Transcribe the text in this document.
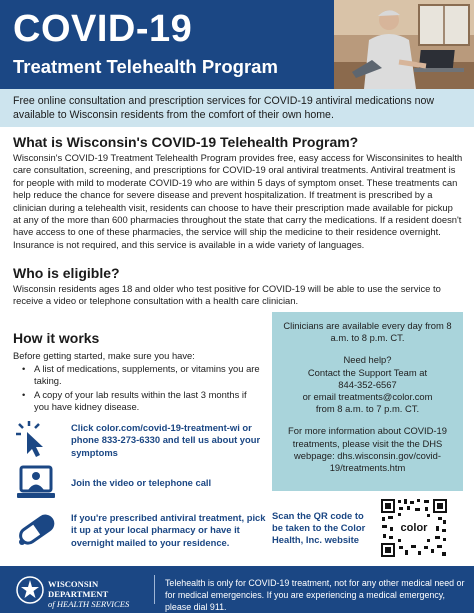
COVID-19
Treatment Telehealth Program
Free online consultation and prescription services for COVID-19 antiviral medications now available to Wisconsin residents from the comfort of their own home.
What is Wisconsin's COVID-19 Telehealth Program?
Wisconsin's COVID-19 Treatment Telehealth Program provides free, easy access for Wisconsinites to health care consultation, screening, and prescriptions for COVID-19 oral antiviral treatments. Antiviral treatment is for people with mild to moderate COVID-19 who are within 5 days of symptom onset. These treatments can help reduce the chance for severe disease and prevent hospitalization. If treatment is prescribed by a clinician during a telehealth visit, residents can choose to have their prescription made available for pickup at any of the more than 600 pharmacies throughout the state that carry the medications. If a resident doesn't have access to one of these pharmacies, the service will ship the medicine to their residence overnight. Insurance is not required, and this service is available in a wide variety of languages.
Who is eligible?
Wisconsin residents ages 18 and older who test positive for COVID-19 will be able to use the service to receive a video or telephone consultation with a health care clinician.
How it works
Before getting started, make sure you have:
• A list of medications, supplements, or vitamins you are taking.
• A copy of your lab results within the last 3 months if you have kidney disease.
Click color.com/covid-19-treatment-wi or phone 833-273-6330 and tell us about your symptoms
Join the video or telephone call
If you're prescribed antiviral treatment, pick it up at your local pharmacy or have it overnight mailed to your residence.

Clinicians are available every day from 8 a.m. to 8 p.m. CT.

Need help?
Contact the Support Team at
844-352-6567
or email treatments@color.com

from 8 a.m. to 7 p.m. CT.

For more information about COVID-19 treatments, please visit the the DHS webpage: dhs.wisconsin.gov/covid-19/treatments.htm

Scan the QR code to be taken to the Color Health, Inc. website
color
WISCONSIN DEPARTMENT
of HEALTH SERVICES
Telehealth is only for COVID-19 treatment, not for any other medical need or for medical emergencies. If you are experiencing a medical emergency, please dial 911.
